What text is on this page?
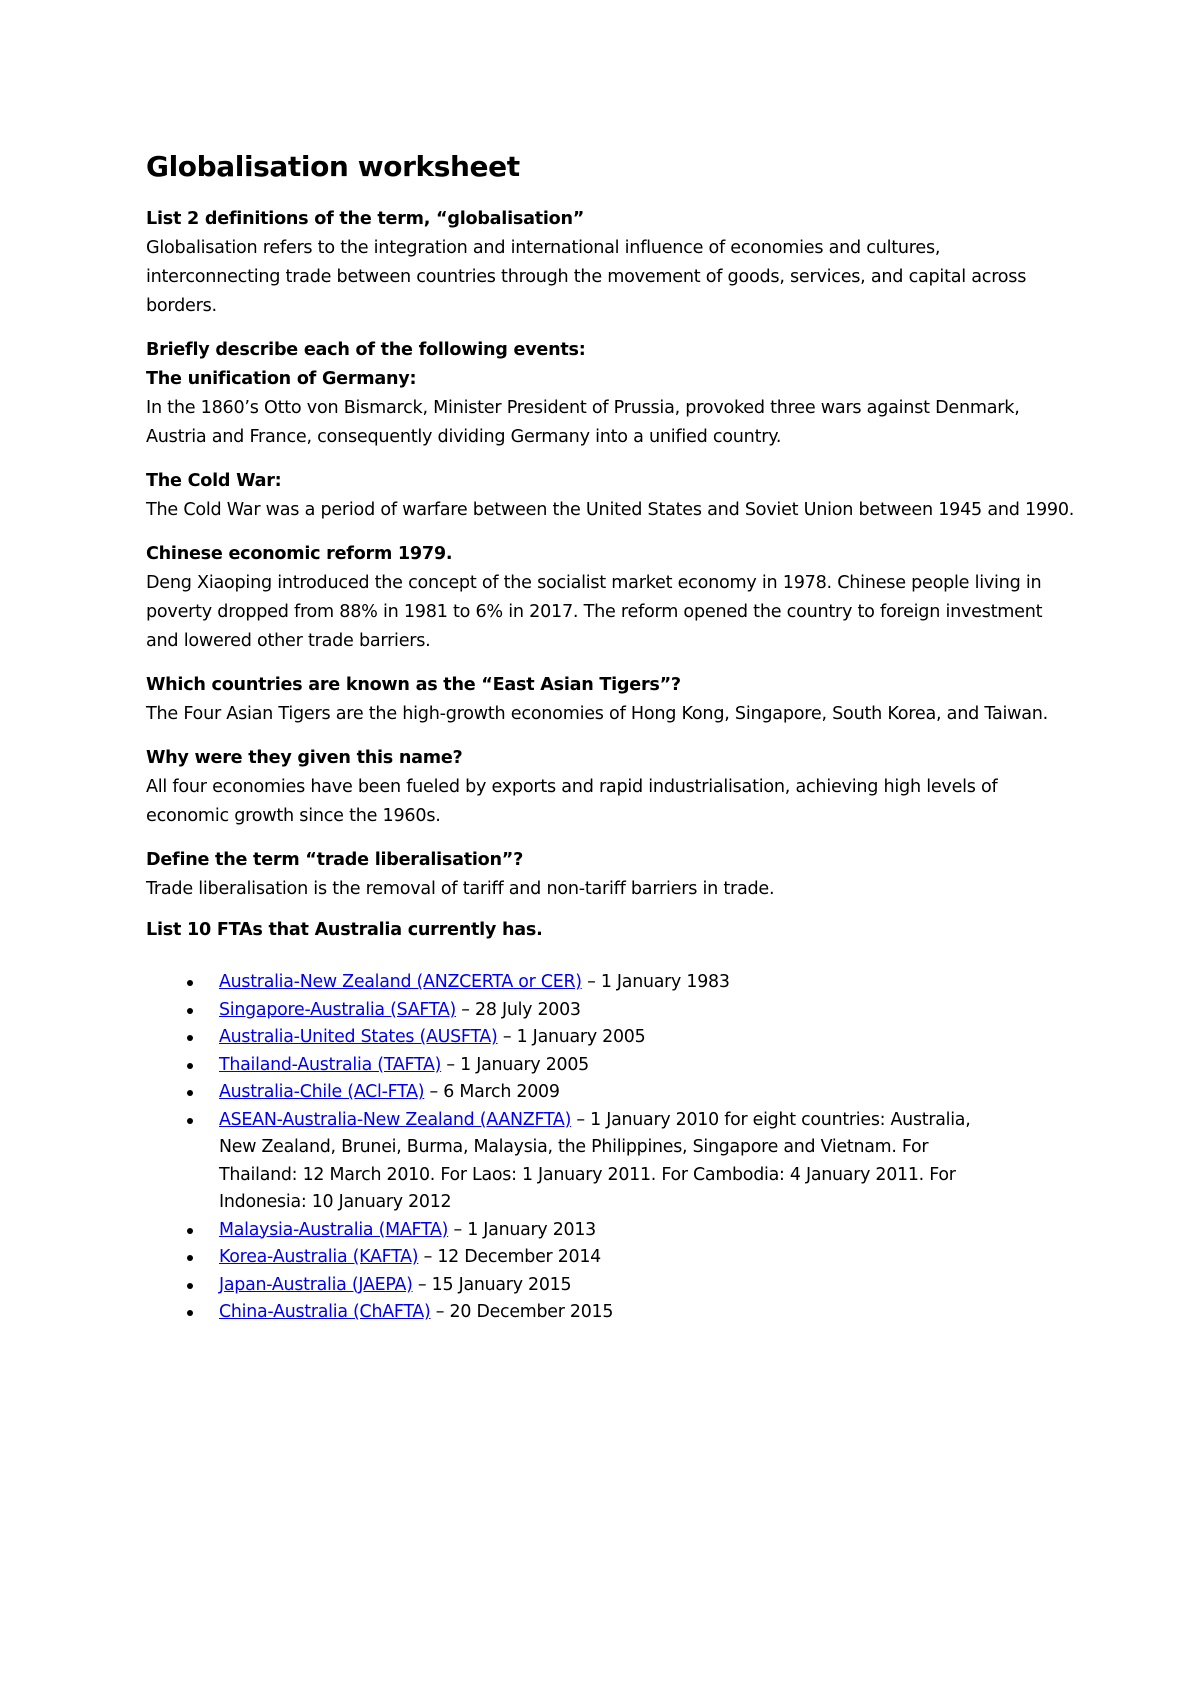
Globalisation worksheet

List 2 definitions of the term, “globalisation”

Globalisation refers to the integration and international influence of economies and cultures, interconnecting trade between countries through the movement of goods, services, and capital across borders.

Briefly describe each of the following events:

The unification of Germany:

In the 1860’s Otto von Bismarck, Minister President of Prussia, provoked three wars against Denmark, Austria and France, consequently dividing Germany into a unified country.

The Cold War:

The Cold War was a period of warfare between the United States and Soviet Union between 1945 and 1990.

Chinese economic reform 1979.

Deng Xiaoping introduced the concept of the socialist market economy in 1978. Chinese people living in poverty dropped from 88% in 1981 to 6% in 2017. The reform opened the country to foreign investment and lowered other trade barriers.

Which countries are known as the “East Asian Tigers”?

The Four Asian Tigers are the high-growth economies of Hong Kong, Singapore, South Korea, and Taiwan.

Why were they given this name?

All four economies have been fueled by exports and rapid industrialisation, achieving high levels of economic growth since the 1960s.

Define the term “trade liberalisation”?

Trade liberalisation is the removal of tariff and non-tariff barriers in trade.

List 10 FTAs that Australia currently has.

Australia-New Zealand (ANZCERTA or CER) – 1 January 1983
Singapore-Australia (SAFTA) – 28 July 2003
Australia-United States (AUSFTA) – 1 January 2005
Thailand-Australia (TAFTA) – 1 January 2005
Australia-Chile (ACl-FTA) – 6 March 2009
ASEAN-Australia-New Zealand (AANZFTA) – 1 January 2010 for eight countries: Australia, New Zealand, Brunei, Burma, Malaysia, the Philippines, Singapore and Vietnam. For Thailand: 12 March 2010. For Laos: 1 January 2011. For Cambodia: 4 January 2011. For Indonesia: 10 January 2012
Malaysia-Australia (MAFTA) – 1 January 2013
Korea-Australia (KAFTA) – 12 December 2014
Japan-Australia (JAEPA) – 15 January 2015
China-Australia (ChAFTA) – 20 December 2015
